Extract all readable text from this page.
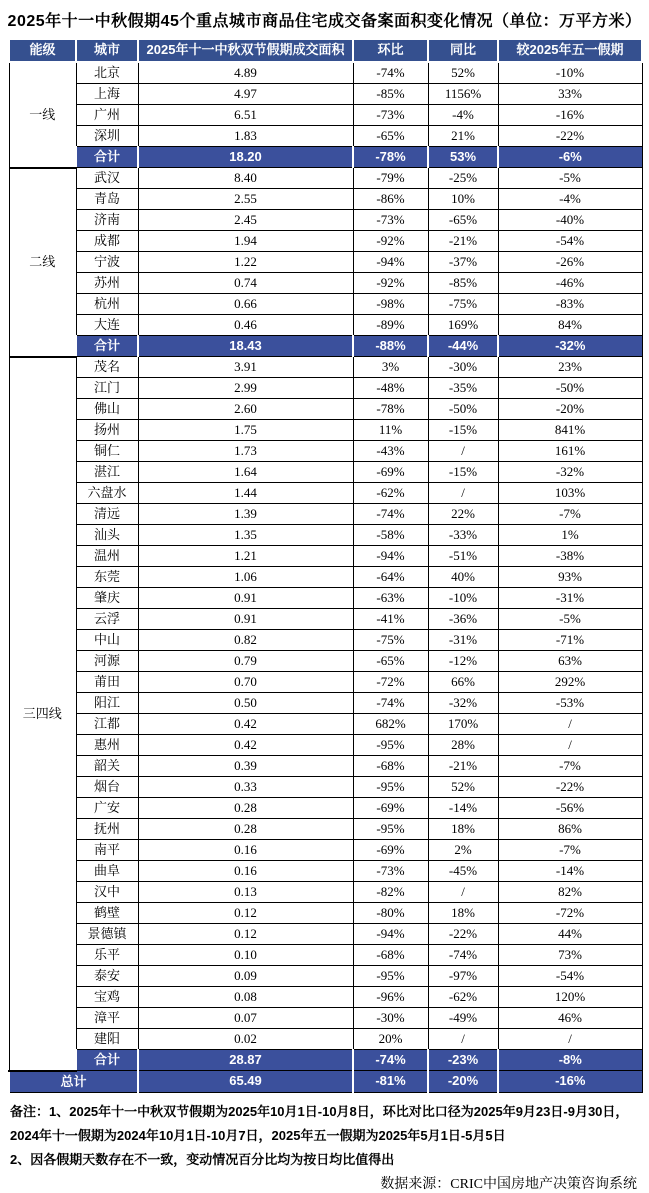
2025年十一中秋假期45个重点城市商品住宅成交备案面积变化情况（单位：万平方米）
能级	城市	2025年十一中秋双节假期成交面积	环比	同比	较2025年五一假期
一线	北京	4.89	-74%	52%	-10%
	上海	4.97	-85%	1156%	33%
	广州	6.51	-73%	-4%	-16%
	深圳	1.83	-65%	21%	-22%
	合计	18.20	-78%	53%	-6%
二线	武汉	8.40	-79%	-25%	-5%
	青岛	2.55	-86%	10%	-4%
	济南	2.45	-73%	-65%	-40%
	成都	1.94	-92%	-21%	-54%
	宁波	1.22	-94%	-37%	-26%
	苏州	0.74	-92%	-85%	-46%
	杭州	0.66	-98%	-75%	-83%
	大连	0.46	-89%	169%	84%
	合计	18.43	-88%	-44%	-32%
三四线	茂名	3.91	3%	-30%	23%
	江门	2.99	-48%	-35%	-50%
	佛山	2.60	-78%	-50%	-20%
	扬州	1.75	11%	-15%	841%
	铜仁	1.73	-43%	/	161%
	湛江	1.64	-69%	-15%	-32%
	六盘水	1.44	-62%	/	103%
	清远	1.39	-74%	22%	-7%
	汕头	1.35	-58%	-33%	1%
	温州	1.21	-94%	-51%	-38%
	东莞	1.06	-64%	40%	93%
	肇庆	0.91	-63%	-10%	-31%
	云浮	0.91	-41%	-36%	-5%
	中山	0.82	-75%	-31%	-71%
	河源	0.79	-65%	-12%	63%
	莆田	0.70	-72%	66%	292%
	阳江	0.50	-74%	-32%	-53%
	江都	0.42	682%	170%	/
	惠州	0.42	-95%	28%	/
	韶关	0.39	-68%	-21%	-7%
	烟台	0.33	-95%	52%	-22%
	广安	0.28	-69%	-14%	-56%
	抚州	0.28	-95%	18%	86%
	南平	0.16	-69%	2%	-7%
	曲阜	0.16	-73%	-45%	-14%
	汉中	0.13	-82%	/	82%
	鹤壁	0.12	-80%	18%	-72%
	景德镇	0.12	-94%	-22%	44%
	乐平	0.10	-68%	-74%	73%
	泰安	0.09	-95%	-97%	-54%
	宝鸡	0.08	-96%	-62%	120%
	漳平	0.07	-30%	-49%	46%
	建阳	0.02	20%	/	/
	合计	28.87	-74%	-23%	-8%
总计		65.49	-81%	-20%	-16%
备注：1、2025年十一中秋双节假期为2025年10月1日-10月8日，环比对比口径为2025年9月23日-9月30日，
2024年十一假期为2024年10月1日-10月7日，2025年五一假期为2025年5月1日-5月5日
2、因各假期天数存在不一致，变动情况百分比均为按日均比值得出
数据来源：CRIC中国房地产决策咨询系统
